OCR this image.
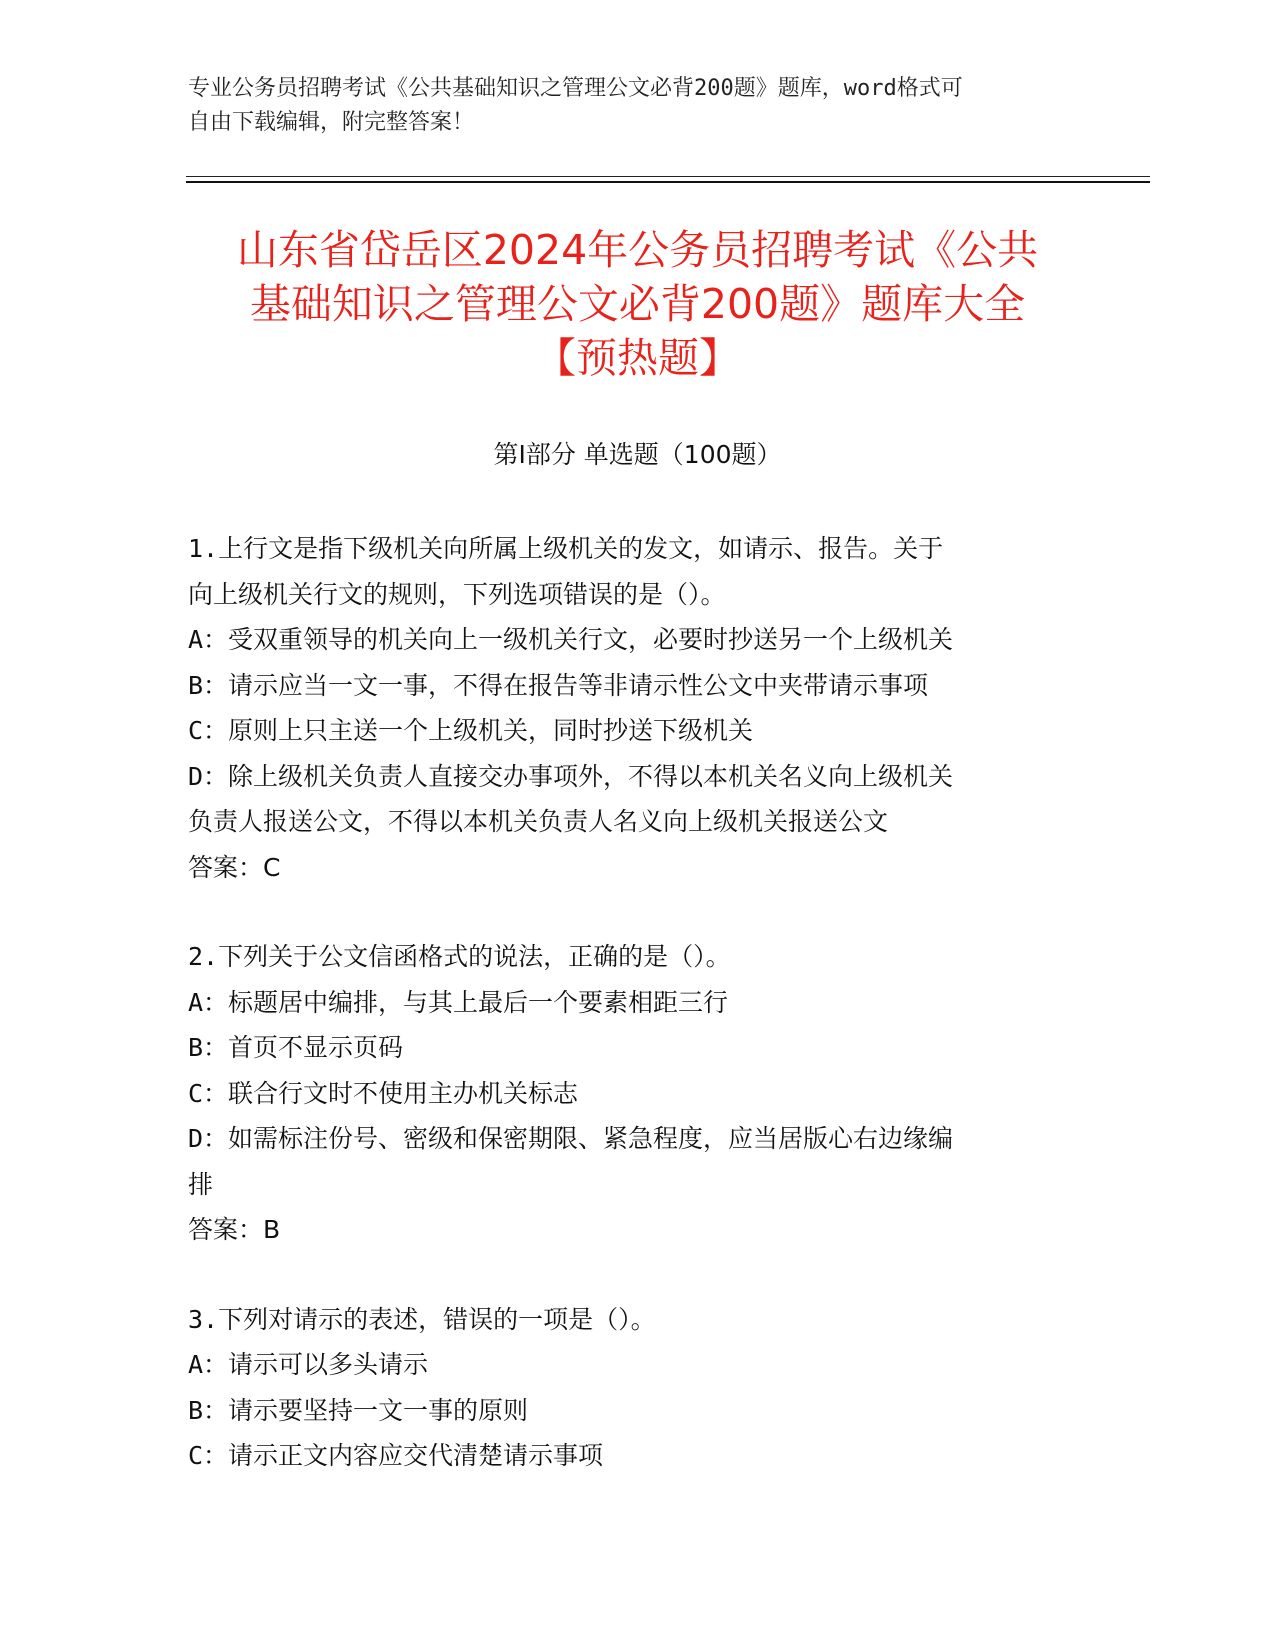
专业公务员招聘考试《公共基础知识之管理公文必背200题》题库，word格式可
自由下载编辑，附完整答案！
山东省岱岳区2024年公务员招聘考试《公共
基础知识之管理公文必背200题》题库大全
【预热题】
第Ⅰ部分 单选题（100题）
1.上行文是指下级机关向所属上级机关的发文，如请示、报告。关于
向上级机关行文的规则，下列选项错误的是（）。
A：受双重领导的机关向上一级机关行文，必要时抄送另一个上级机关
B：请示应当一文一事，不得在报告等非请示性公文中夹带请示事项
C：原则上只主送一个上级机关，同时抄送下级机关
D：除上级机关负责人直接交办事项外，不得以本机关名义向上级机关
负责人报送公文，不得以本机关负责人名义向上级机关报送公文
答案：C
2.下列关于公文信函格式的说法，正确的是（）。
A：标题居中编排，与其上最后一个要素相距三行
B：首页不显示页码
C：联合行文时不使用主办机关标志
D：如需标注份号、密级和保密期限、紧急程度，应当居版心右边缘编
排
答案：B
3.下列对请示的表述，错误的一项是（）。
A：请示可以多头请示
B：请示要坚持一文一事的原则
C：请示正文内容应交代清楚请示事项
